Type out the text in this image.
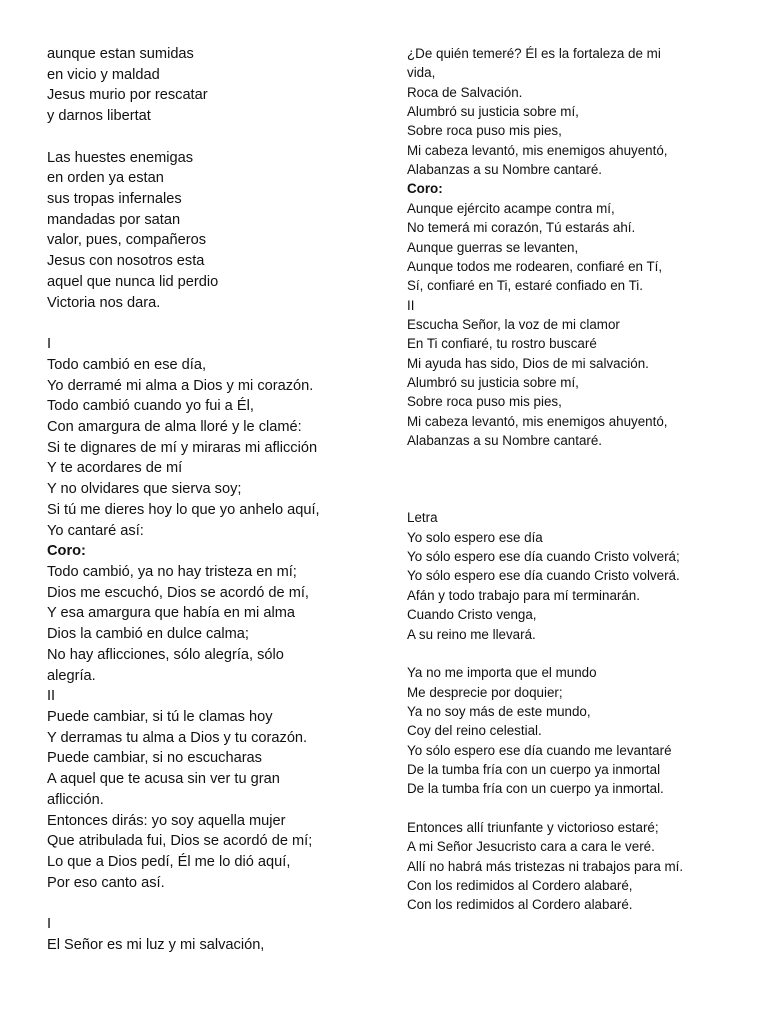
aunque estan sumidas
en vicio y maldad
Jesus murio por rescatar
y darnos libertat
Las huestes enemigas
en orden ya estan
sus tropas infernales
mandadas por satan
valor, pues, compañeros
Jesus con nosotros esta
aquel que nunca lid perdio
Victoria nos dara.
I
Todo cambió en ese día,
Yo derramé mi alma a Dios y mi corazón.
Todo cambió cuando yo fui a Él,
Con amargura de alma lloré y le clamé:
Si te dignares de mí y miraras mi aflicción
Y te acordares de mí
Y no olvidares que sierva soy;
Si tú me dieres hoy lo que yo anhelo aquí,
Yo cantaré así:
Coro:
Todo cambió, ya no hay tristeza en mí;
Dios me escuchó, Dios se acordó de mí,
Y esa amargura que había en mi alma
Dios la cambió en dulce calma;
No hay aflicciones, sólo alegría, sólo
alegría.
II
Puede cambiar, si tú le clamas hoy
Y derramas tu alma a Dios y tu corazón.
Puede cambiar, si no escucharas
A aquel que te acusa sin ver tu gran
aflicción.
Entonces dirás: yo soy aquella mujer
Que atribulada fui, Dios se acordó de mí;
Lo que a Dios pedí, Él me lo dió aquí,
Por eso canto así.
I
El Señor es mi luz y mi salvación,
¿De quién temeré? Él es la fortaleza de mi
vida,
Roca de Salvación.
Alumbró su justicia sobre mí,
Sobre roca puso mis pies,
Mi cabeza levantó, mis enemigos ahuyentó,
Alabanzas a su Nombre cantaré.
Coro:
Aunque ejército acampe contra mí,
No temerá mi corazón, Tú estarás ahí.
Aunque guerras se levanten,
Aunque todos me rodearen, confiaré en Tí,
Sí, confiaré en Ti, estaré confiado en Ti.
II
Escucha Señor, la voz de mi clamor
En Ti confiaré, tu rostro buscaré
Mi ayuda has sido, Dios de mi salvación.
Alumbró su justicia sobre mí,
Sobre roca puso mis pies,
Mi cabeza levantó, mis enemigos ahuyentó,
Alabanzas a su Nombre cantaré.
Letra
Yo solo espero ese día
Yo sólo espero ese día cuando Cristo volverá;
Yo sólo espero ese día cuando Cristo volverá.
Afán y todo trabajo para mí terminarán.
Cuando Cristo venga,
A su reino me llevará.
Ya no me importa que el mundo
Me desprecie por doquier;
Ya no soy más de este mundo,
Coy del reino celestial.
Yo sólo espero ese día cuando me levantaré
De la tumba fría con un cuerpo ya inmortal
De la tumba fría con un cuerpo ya inmortal.
Entonces allí triunfante y victorioso estaré;
A mi Señor Jesucristo cara a cara le veré.
Allí no habrá más tristezas ni trabajos para mí.
Con los redimidos al Cordero alabaré,
Con los redimidos al Cordero alabaré.
